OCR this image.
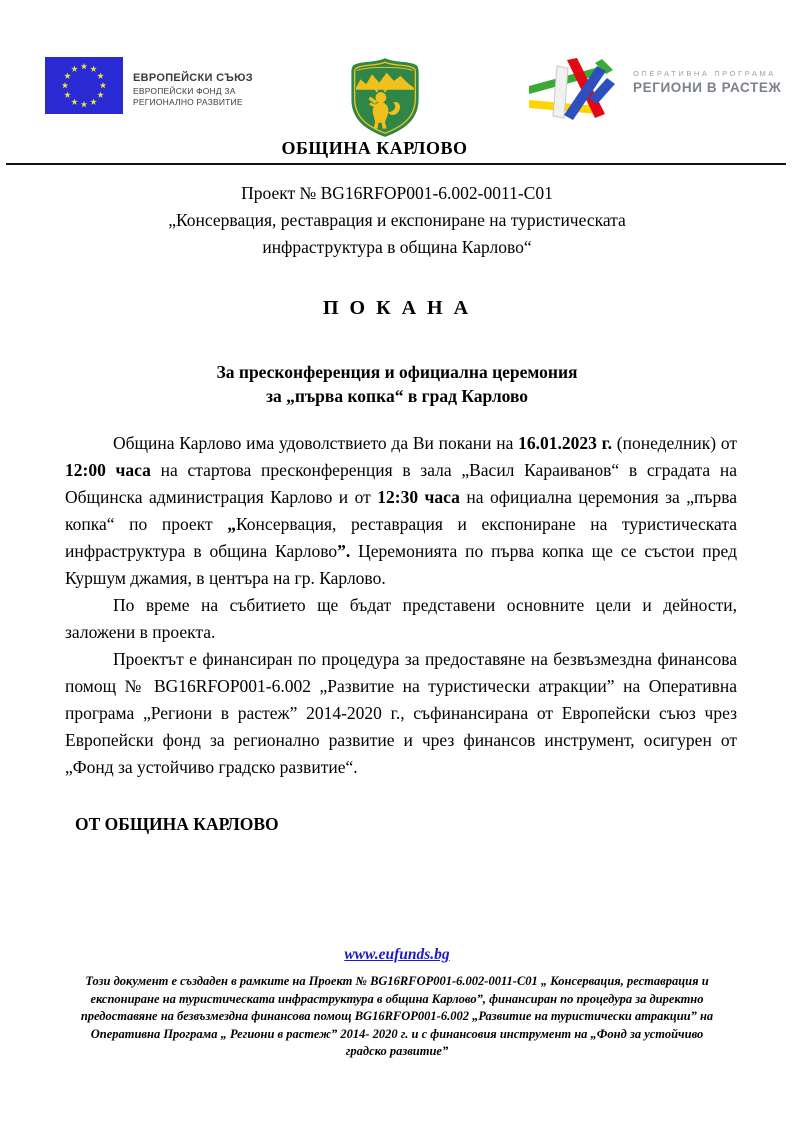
ЕВРОПЕЙСКИ СЪЮЗ
ЕВРОПЕЙСКИ ФОНД ЗА
РЕГИОНАЛНО РАЗВИТИЕ
ОПЕРАТИВНА ПРОГРАМА
РЕГИОНИ В РАСТЕЖ
ОБЩИНА КАРЛОВО
Проект № BG16RFOP001-6.002-0011-C01
„Консервация, реставрация и експониране на туристическата
инфраструктура в община Карлово“
П О К А Н А
За пресконференция и официална церемония
за „първа копка“ в град Карлово

Община Карлово има удоволствието да Ви покани на 16.01.2023 г. (понеделник) от 12:00 часа на стартова пресконференция в зала „Васил Караиванов“ в сградата на Общинска администрация Карлово и от 12:30 часа на официална церемония за „първа копка“ по проект „Консервация, реставрация и експониране на туристическата инфраструктура в община Карлово”. Церемонията по първа копка ще се състои пред Куршум джамия, в центъра на гр. Карлово.

По време на събитието ще бъдат представени основните цели и дейности, заложени в проекта.

Проектът е финансиран по процедура за предоставяне на безвъзмездна финансова помощ № BG16RFOP001-6.002 „Развитие на туристически атракции” на Оперативна програма „Региони в растеж” 2014-2020 г., съфинансирана от Европейски съюз чрез Европейски фонд за регионално развитие и чрез финансов инструмент, осигурен от „Фонд за устойчиво градско развитие“.

ОТ ОБЩИНА КАРЛОВО
www.eufunds.bg
Този документ е създаден в рамките на Проект № BG16RFOP001-6.002-0011-C01 „ Консервация, реставрация и експониране на туристическата инфраструктура в община Карлово”, финансиран по процедура за директно предоставяне на безвъзмездна финансова помощ BG16RFOP001-6.002 „Развитие на туристически атракции” на Оперативна Програма „ Региони в растеж” 2014- 2020 г. и с финансовия инструмент на „Фонд за устойчиво градско развитие”
